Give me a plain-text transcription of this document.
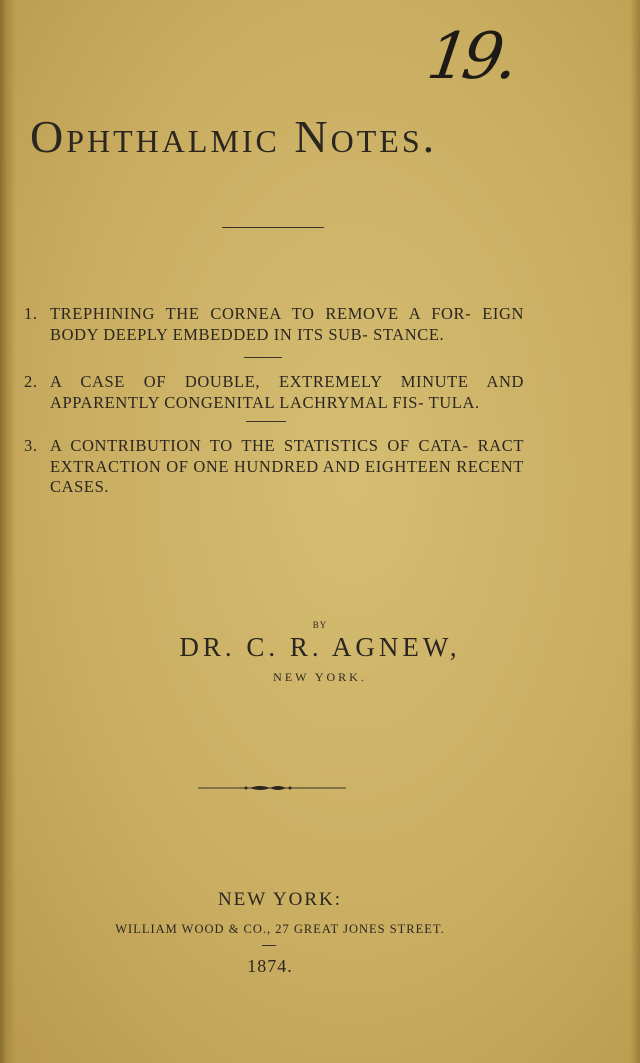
19.
Ophthalmic Notes.
1. TREPHINING THE CORNEA TO REMOVE A FOR- EIGN BODY DEEPLY EMBEDDED IN ITS SUB- STANCE.
2. A CASE OF DOUBLE, EXTREMELY MINUTE AND APPARENTLY CONGENITAL LACHRYMAL FIS- TULA.
3. A CONTRIBUTION TO THE STATISTICS OF CATA- RACT EXTRACTION OF ONE HUNDRED AND EIGHTEEN RECENT CASES.
BY
DR. C. R. AGNEW,
NEW YORK.
NEW YORK:
WILLIAM WOOD & CO., 27 GREAT JONES STREET.
1874.
